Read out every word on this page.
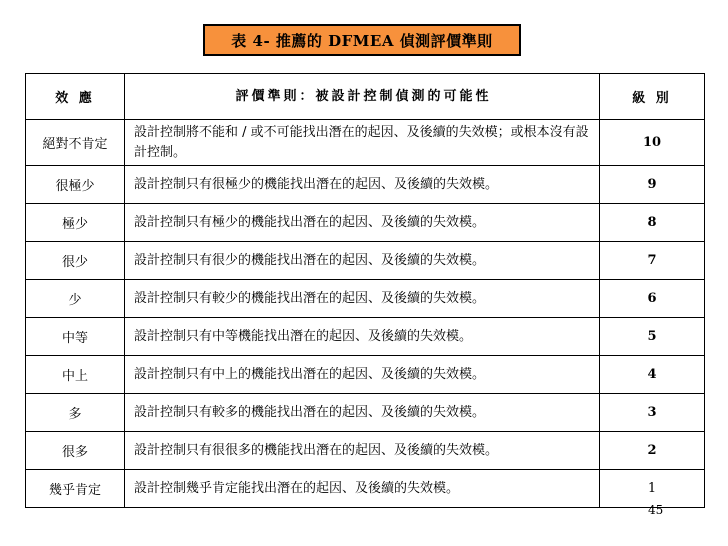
表 4- 推薦的 DFMEA 偵測評價準則
效 應	評價準則：被設計控制偵測的可能性	級 別
絕對不肯定	設計控制將不能和 / 或不可能找出潛在的起因、及後續的失效模；或根本沒有設計控制。	10
很極少	設計控制只有很極少的機能找出潛在的起因、及後續的失效模。	9
極少	設計控制只有極少的機能找出潛在的起因、及後續的失效模。	8
很少	設計控制只有很少的機能找出潛在的起因、及後續的失效模。	7
少	設計控制只有較少的機能找出潛在的起因、及後續的失效模。	6
中等	設計控制只有中等機能找出潛在的起因、及後續的失效模。	5
中上	設計控制只有中上的機能找出潛在的起因、及後續的失效模。	4
多	設計控制只有較多的機能找出潛在的起因、及後續的失效模。	3
很多	設計控制只有很很多的機能找出潛在的起因、及後續的失效模。	2
幾乎肯定	設計控制幾乎肯定能找出潛在的起因、及後續的失效模。	1
45
